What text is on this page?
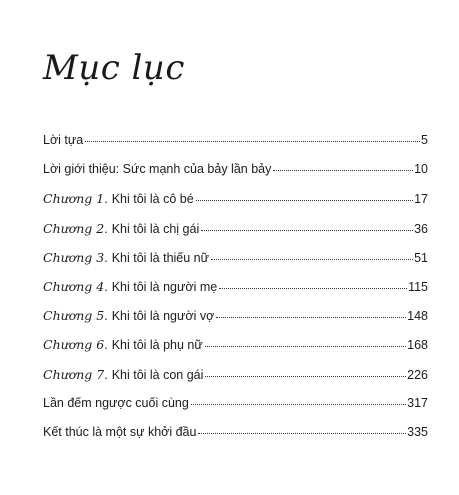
Mục lục
Lời tựa	5
Lời giới thiệu: Sức mạnh của bảy lần bảy	10
Chương 1 . Khi tôi là cô bé	17
Chương 2 . Khi tôi là chị gái	36
Chương 3 . Khi tôi là thiếu nữ	51
Chương 4 . Khi tôi là người mẹ	115
Chương 5 . Khi tôi là người vợ	148
Chương 6 . Khi tôi là phụ nữ	168
Chương 7 . Khi tôi là con gái	226
Lần đếm ngược cuối cùng	317
Kết thúc là một sự khởi đầu	335
